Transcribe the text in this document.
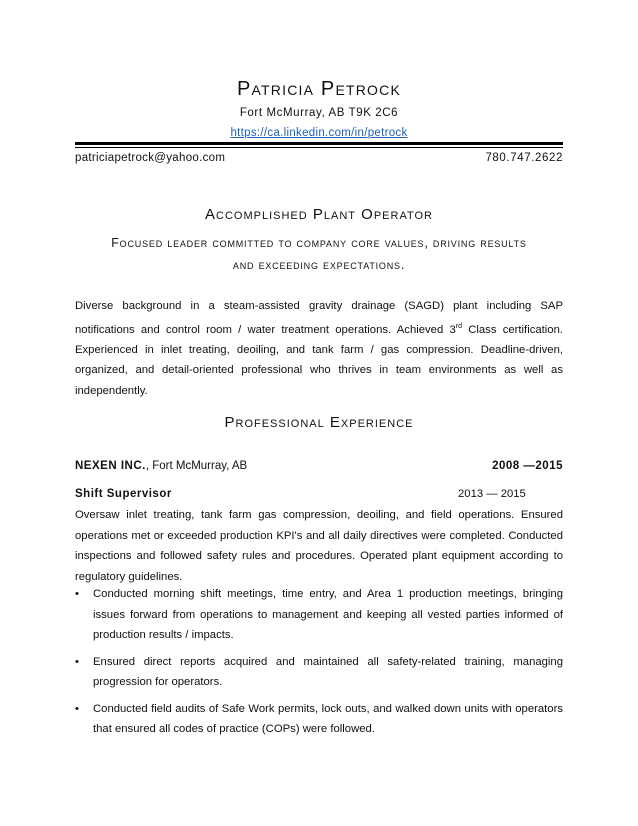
Patricia Petrock
Fort McMurray, AB T9K 2C6
https://ca.linkedin.com/in/petrock
patriciapetrock@yahoo.com	780.747.2622
Accomplished Plant Operator
Focused leader committed to company core values, driving results
and exceeding expectations.
Diverse background in a steam-assisted gravity drainage (SAGD) plant including SAP notifications and control room / water treatment operations. Achieved 3rd Class certification. Experienced in inlet treating, deoiling, and tank farm / gas compression. Deadline-driven, organized, and detail-oriented professional who thrives in team environments as well as independently.
Professional Experience
NEXEN INC., Fort McMurray, AB	2008 —2015
Shift Supervisor	2013 — 2015
Oversaw inlet treating, tank farm gas compression, deoiling, and field operations. Ensured operations met or exceeded production KPI's and all daily directives were completed. Conducted inspections and followed safety rules and procedures. Operated plant equipment according to regulatory guidelines.
• Conducted morning shift meetings, time entry, and Area 1 production meetings, bringing issues forward from operations to management and keeping all vested parties informed of production results / impacts.
• Ensured direct reports acquired and maintained all safety-related training, managing progression for operators.
• Conducted field audits of Safe Work permits, lock outs, and walked down units with operators that ensured all codes of practice (COPs) were followed.
